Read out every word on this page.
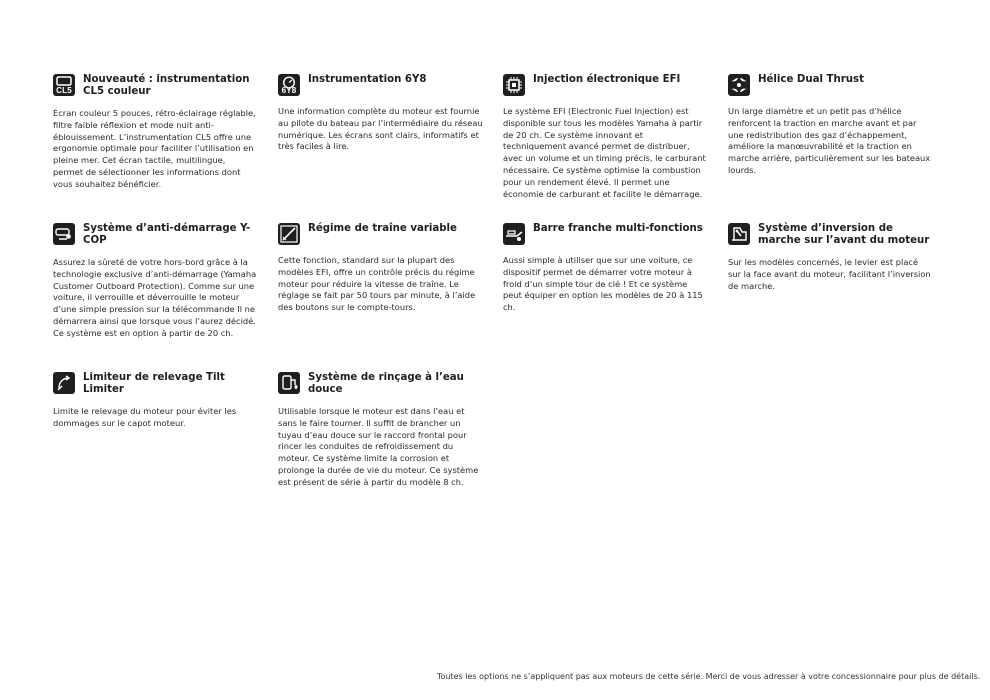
CL5
Nouveauté : instrumentation CL5 couleur

Écran couleur 5 pouces, rétro-éclairage réglable, filtre faible réflexion et mode nuit anti- éblouissement. L’instrumentation CL5 offre une ergonomie optimale pour faciliter l’utilisation en pleine mer. Cet écran tactile, multilingue, permet de sélectionner les informations dont vous souhaitez bénéficier.

6Y8
Instrumentation 6Y8

Une information complète du moteur est fournie au pilote du bateau par l’intermédiaire du réseau numérique. Les écrans sont clairs, informatifs et très faciles à lire.

Injection électronique EFI

Le système EFI (Electronic Fuel Injection) est disponible sur tous les modèles Yamaha à partir de 20 ch. Ce système innovant et techniquement avancé permet de distribuer, avec un volume et un timing précis, le carburant nécessaire. Ce système optimise la combustion pour un rendement élevé. Il permet une économie de carburant et facilite le démarrage.

Hélice Dual Thrust

Un large diamètre et un petit pas d’hélice renforcent la traction en marche avant et par une redistribution des gaz d’échappement, améliore la manœuvrabilité et la traction en marche arrière, particulièrement sur les bateaux lourds.

Système d’anti-démarrage Y-COP

Assurez la sûreté de votre hors-bord grâce à la technologie exclusive d’anti-démarrage (Yamaha Customer Outboard Protection). Comme sur une voiture, il verrouille et déverrouille le moteur d’une simple pression sur la télécommande Il ne démarrera ainsi que lorsque vous l’aurez décidé. Ce système est en option à partir de 20 ch.

Régime de traîne variable

Cette fonction, standard sur la plupart des modèles EFI, offre un contrôle précis du régime moteur pour réduire la vitesse de traîne. Le réglage se fait par 50 tours par minute, à l’aide des boutons sur le compte-tours.

Barre franche multi-fonctions

Aussi simple à utiliser que sur une voiture, ce dispositif permet de démarrer votre moteur à froid d’un simple tour de clé ! Et ce système peut équiper en option les modèles de 20 à 115 ch.

Système d’inversion de marche sur l’avant du moteur

Sur les modèles concernés, le levier est placé sur la face avant du moteur, facilitant l’inversion de marche.

Limiteur de relevage Tilt Limiter

Limite le relevage du moteur pour éviter les dommages sur le capot moteur.

Système de rinçage à l’eau douce

Utilisable lorsque le moteur est dans l’eau et sans le faire tourner. Il suffit de brancher un tuyau d’eau douce sur le raccord frontal pour rincer les conduites de refroidissement du moteur. Ce système limite la corrosion et prolonge la durée de vie du moteur. Ce système est présent de série à partir du modèle 8 ch.

Toutes les options ne s’appliquent pas aux moteurs de cette série. Merci de vous adresser à votre concessionnaire pour plus de détails.
